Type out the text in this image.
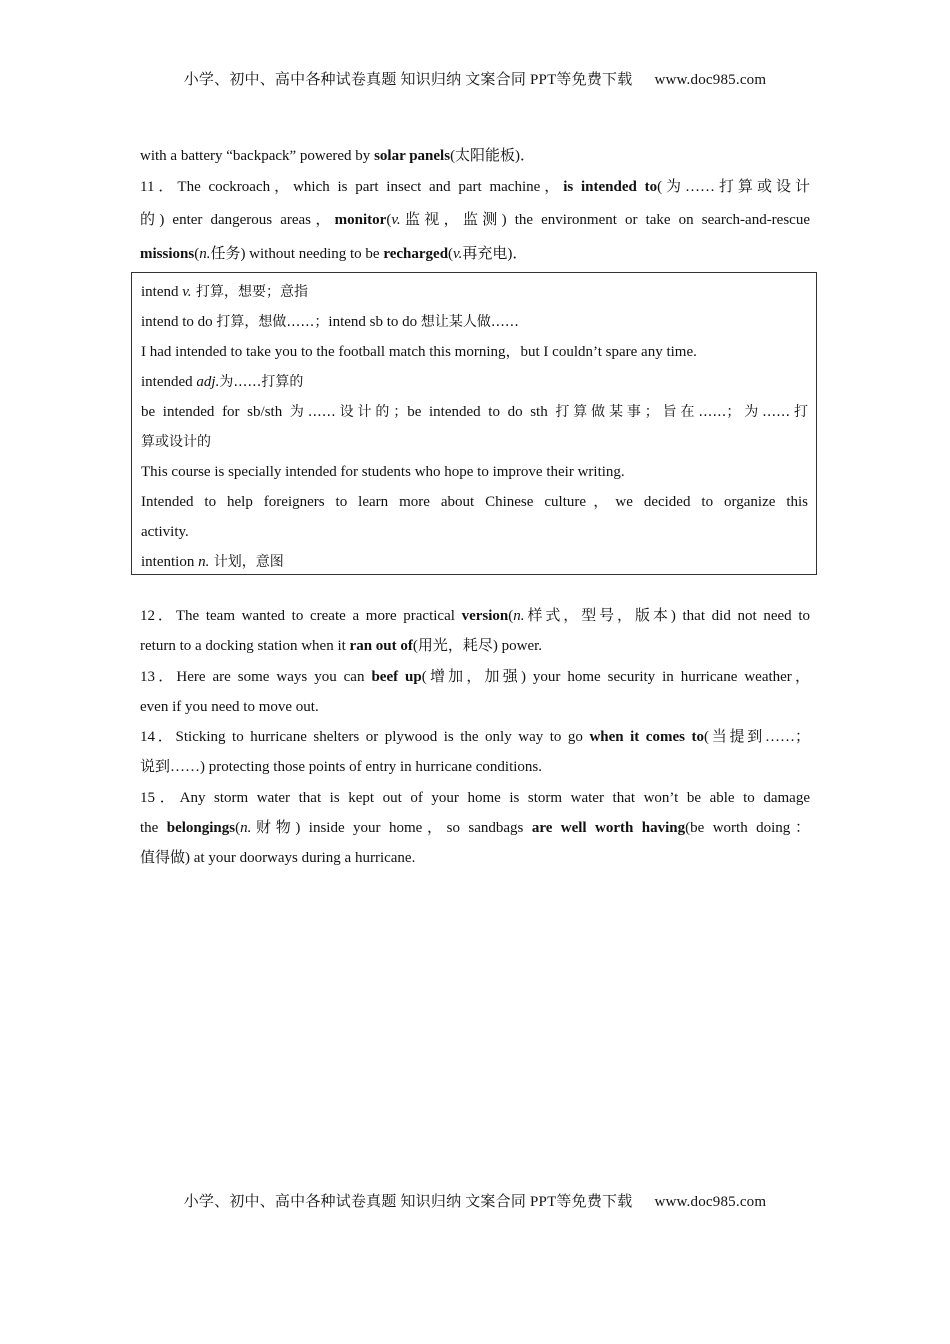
小学、初中、高中各种试卷真题 知识归纳 文案合同 PPT等免费下载 www.doc985.com
with a battery “backpack” powered by solar panels(太阳能板)．
11．The cockroach，which is part insect and part machine，is intended to(为……打算或设计
的) enter dangerous areas，monitor(v.监视，监测) the environment or take on search-and-rescue
missions(n.任务) without needing to be recharged(v.再充电)．
intend v. 打算，想要；意指
intend to do 打算，想做……；intend sb to do 想让某人做……
I had intended to take you to the football match this morning，but I couldn’t spare any time.
intended adj.为……打算的
be intended for sb/sth 为……设计的；be intended to do sth 打算做某事；旨在……；为……打
算或设计的
This course is specially intended for students who hope to improve their writing.
Intended to help foreigners to learn more about Chinese culture，we decided to organize this
activity.
intention n. 计划，意图
12．The team wanted to create a more practical version(n.样式，型号，版本) that did not need to
return to a docking station when it ran out of(用光，耗尽) power.
13．Here are some ways you can beef up(增加，加强) your home security in hurricane weather，
even if you need to move out.
14．Sticking to hurricane shelters or plywood is the only way to go when it comes to(当提到……；
说到……) protecting those points of entry in hurricane conditions.
15．Any storm water that is kept out of your home is storm water that won’t be able to damage
the belongings(n.财物) inside your home，so sandbags are well worth having(be worth doing：
值得做) at your doorways during a hurricane.
小学、初中、高中各种试卷真题 知识归纳 文案合同 PPT等免费下载 www.doc985.com
